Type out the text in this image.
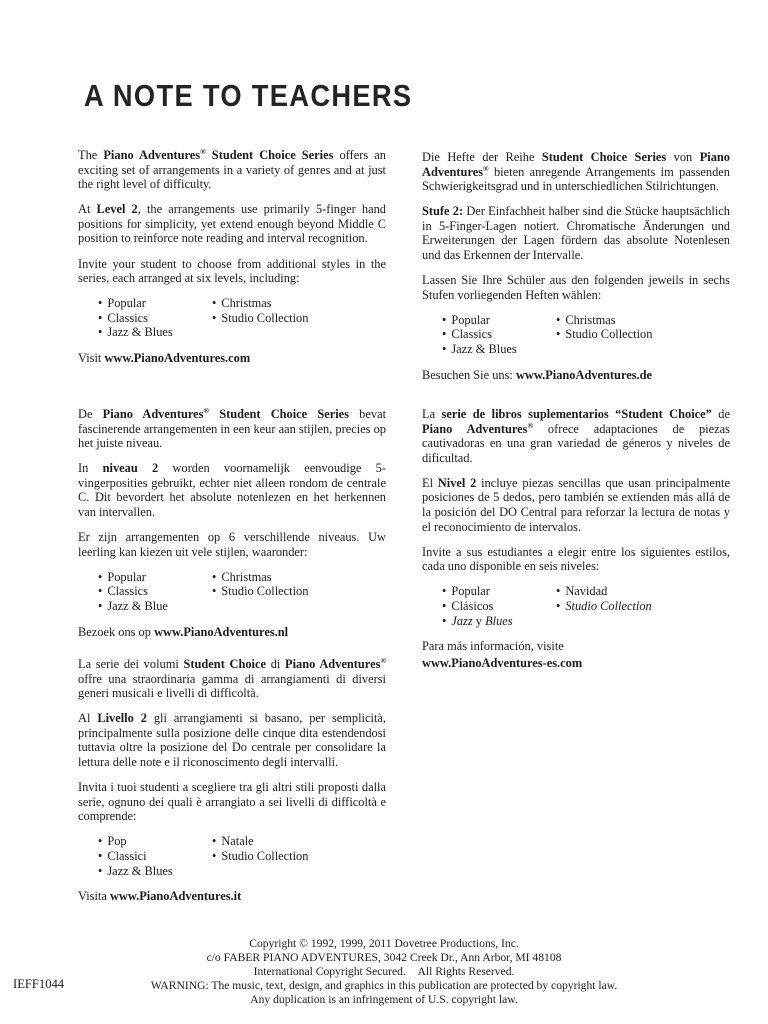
A NOTE TO TEACHERS

The Piano Adventures® Student Choice Series offers an exciting set of arrangements in a variety of genres and at just the right level of difficulty.

At Level 2, the arrangements use primarily 5-finger hand positions for simplicity, yet extend enough beyond Middle C position to reinforce note reading and interval recognition.

Invite your student to choose from additional styles in the series, each arranged at six levels, including:

• Popular
• Classics
• Jazz & Blues
• Christmas
• Studio Collection

Visit www.PianoAdventures.com

Die Hefte der Reihe Student Choice Series von Piano Adventures® bieten anregende Arrangements im passenden Schwierigkeitsgrad und in unterschiedlichen Stilrichtungen.

Stufe 2: Der Einfachheit halber sind die Stücke hauptsächlich in 5-Finger-Lagen notiert. Chromatische Änderungen und Erweiterungen der Lagen fördern das absolute Notenlesen und das Erkennen der Intervalle.

Lassen Sie Ihre Schüler aus den folgenden jeweils in sechs Stufen vorliegenden Heften wählen:

• Popular
• Classics
• Jazz & Blues
• Christmas
• Studio Collection

Besuchen Sie uns: www.PianoAdventures.de

De Piano Adventures® Student Choice Series bevat fascinerende arrangementen in een keur aan stijlen, precies op het juiste niveau.

In niveau 2 worden voornamelijk eenvoudige 5-vingerposities gebruikt, echter niet alleen rondom de centrale C. Dit bevordert het absolute notenlezen en het herkennen van intervallen.

Er zijn arrangementen op 6 verschillende niveaus. Uw leerling kan kiezen uit vele stijlen, waaronder:

• Popular
• Classics
• Jazz & Blue
• Christmas
• Studio Collection

Bezoek ons op www.PianoAdventures.nl

La serie de libros suplementarios “Student Choice” de Piano Adventures® ofrece adaptaciones de piezas cautivadoras en una gran variedad de géneros y niveles de dificultad.

El Nivel 2 incluye piezas sencillas que usan principalmente posiciones de 5 dedos, pero también se extienden más allá de la posición del DO Central para reforzar la lectura de notas y el reconocimiento de intervalos.

Invite a sus estudiantes a elegir entre los siguientes estilos, cada uno disponible en seis niveles:

• Popular
• Clásicos
• Jazz y Blues
• Navidad
• Studio Collection

Para más información, visite

www.PianoAdventures-es.com

La serie dei volumi Student Choice di Piano Adventures® offre una straordinaria gamma di arrangiamenti di diversi generi musicali e livelli di difficoltà.

Al Livello 2 gli arrangiamenti si basano, per semplicità, principalmente sulla posizione delle cinque dita estendendosi tuttavia oltre la posizione del Do centrale per consolidare la lettura delle note e il riconoscimento degli intervalli.

Invita i tuoi studenti a scegliere tra gli altri stili proposti dalla serie, ognuno dei quali è arrangiato a sei livelli di difficoltà e comprende:

• Pop
• Classici
• Jazz & Blues
• Natale
• Studio Collection

Visita www.PianoAdventures.it

Copyright © 1992, 1999, 2011 Dovetree Productions, Inc.
c/o FABER PIANO ADVENTURES, 3042 Creek Dr., Ann Arbor, MI 48108
International Copyright Secured.    All Rights Reserved.
WARNING: The music, text, design, and graphics in this publication are protected by copyright law.
Any duplication is an infringement of U.S. copyright law.
IEFF1044
